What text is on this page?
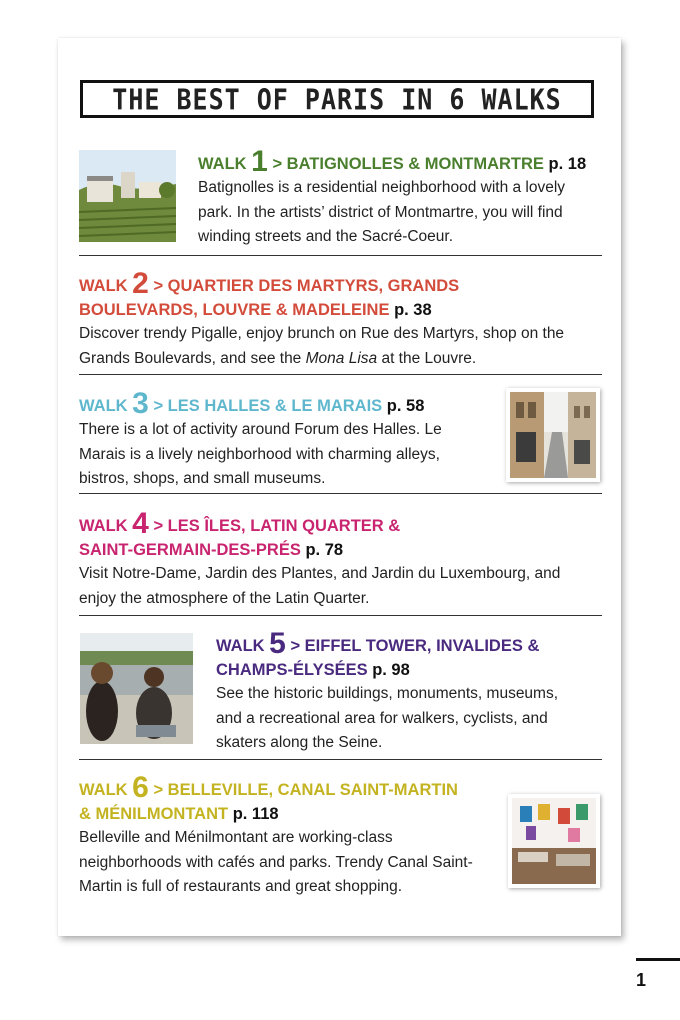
THE BEST OF PARIS IN 6 WALKS

WALK 1 > BATIGNOLLES & MONTMARTRE p. 18

Batignolles is a residential neighborhood with a lovely park. In the artists’ district of Montmartre, you will find winding streets and the Sacré-Coeur.

WALK 2 > QUARTIER DES MARTYRS, GRANDS

BOULEVARDS, LOUVRE & MADELEINE p. 38

Discover trendy Pigalle, enjoy brunch on Rue des Martyrs, shop on the Grands Boulevards, and see the Mona Lisa at the Louvre.

WALK 3 > LES HALLES & LE MARAIS p. 58

There is a lot of activity around Forum des Halles. Le Marais is a lively neighborhood with charming alleys, bistros, shops, and small museums.

WALK 4 > LES ÎLES, LATIN QUARTER &

SAINT-GERMAIN-DES-PRÉS p. 78

Visit Notre-Dame, Jardin des Plantes, and Jardin du Luxembourg, and enjoy the atmosphere of the Latin Quarter.

WALK 5 > EIFFEL TOWER, INVALIDES &

CHAMPS-ÉLYSÉES p. 98

See the historic buildings, monuments, museums, and a recreational area for walkers, cyclists, and skaters along the Seine.

WALK 6 > BELLEVILLE, CANAL SAINT-MARTIN

& MÉNILMONTANT p. 118

Belleville and Ménilmontant are working-class neighborhoods with cafés and parks. Trendy Canal Saint-Martin is full of restaurants and great shopping.

1
